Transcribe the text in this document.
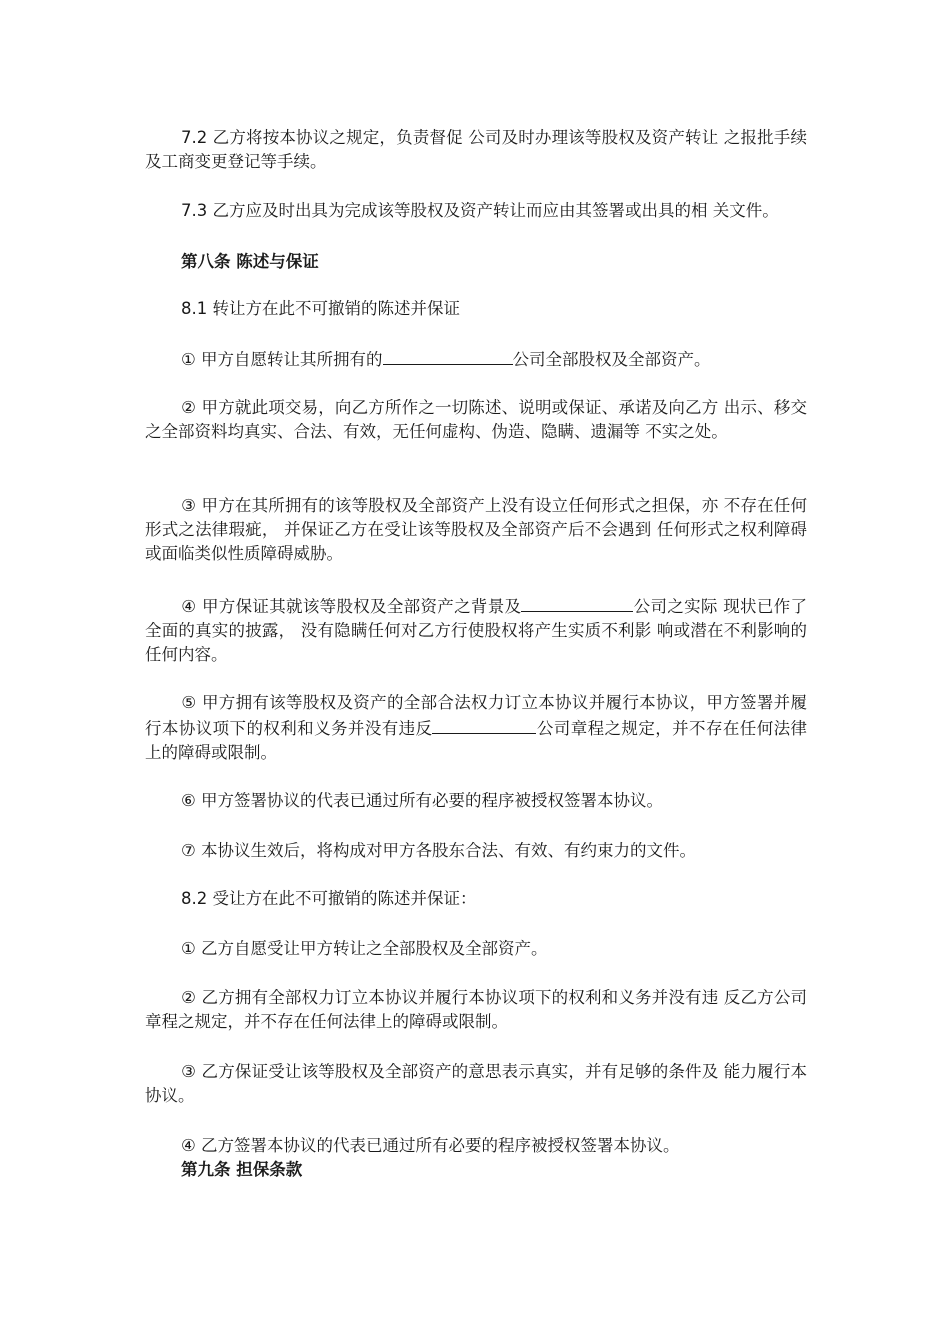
7.2 乙方将按本协议之规定，负责督促 公司及时办理该等股权及资产转让 之报批手续及工商变更登记等手续。
7.3 乙方应及时出具为完成该等股权及资产转让而应由其签署或出具的相 关文件。
第八条 陈述与保证
8.1 转让方在此不可撤销的陈述并保证
① 甲方自愿转让其所拥有的	公司全部股权及全部资产。
② 甲方就此项交易，向乙方所作之一切陈述、说明或保证、承诺及向乙方 出示、移交之全部资料均真实、合法、有效，无任何虚构、伪造、隐瞒、遗漏等 不实之处。
③ 甲方在其所拥有的该等股权及全部资产上没有设立任何形式之担保，亦 不存在任何形式之法律瑕疵， 并保证乙方在受让该等股权及全部资产后不会遇到 任何形式之权利障碍或面临类似性质障碍威胁。
④ 甲方保证其就该等股权及全部资产之背景及	公司之实际 现状已作了全面的真实的披露， 没有隐瞒任何对乙方行使股权将产生实质不利影 响或潜在不利影响的任何内容。
⑤ 甲方拥有该等股权及资产的全部合法权力订立本协议并履行本协议，甲方签署并履行本协议项下的权利和义务并没有违反	公司章程之规定，并不存在任何法律上的障碍或限制。
⑥ 甲方签署协议的代表已通过所有必要的程序被授权签署本协议。
⑦ 本协议生效后，将构成对甲方各股东合法、有效、有约束力的文件。
8.2 受让方在此不可撤销的陈述并保证：
① 乙方自愿受让甲方转让之全部股权及全部资产。
② 乙方拥有全部权力订立本协议并履行本协议项下的权利和义务并没有违 反乙方公司章程之规定，并不存在任何法律上的障碍或限制。
③ 乙方保证受让该等股权及全部资产的意思表示真实，并有足够的条件及 能力履行本协议。
④ 乙方签署本协议的代表已通过所有必要的程序被授权签署本协议。
第九条 担保条款
